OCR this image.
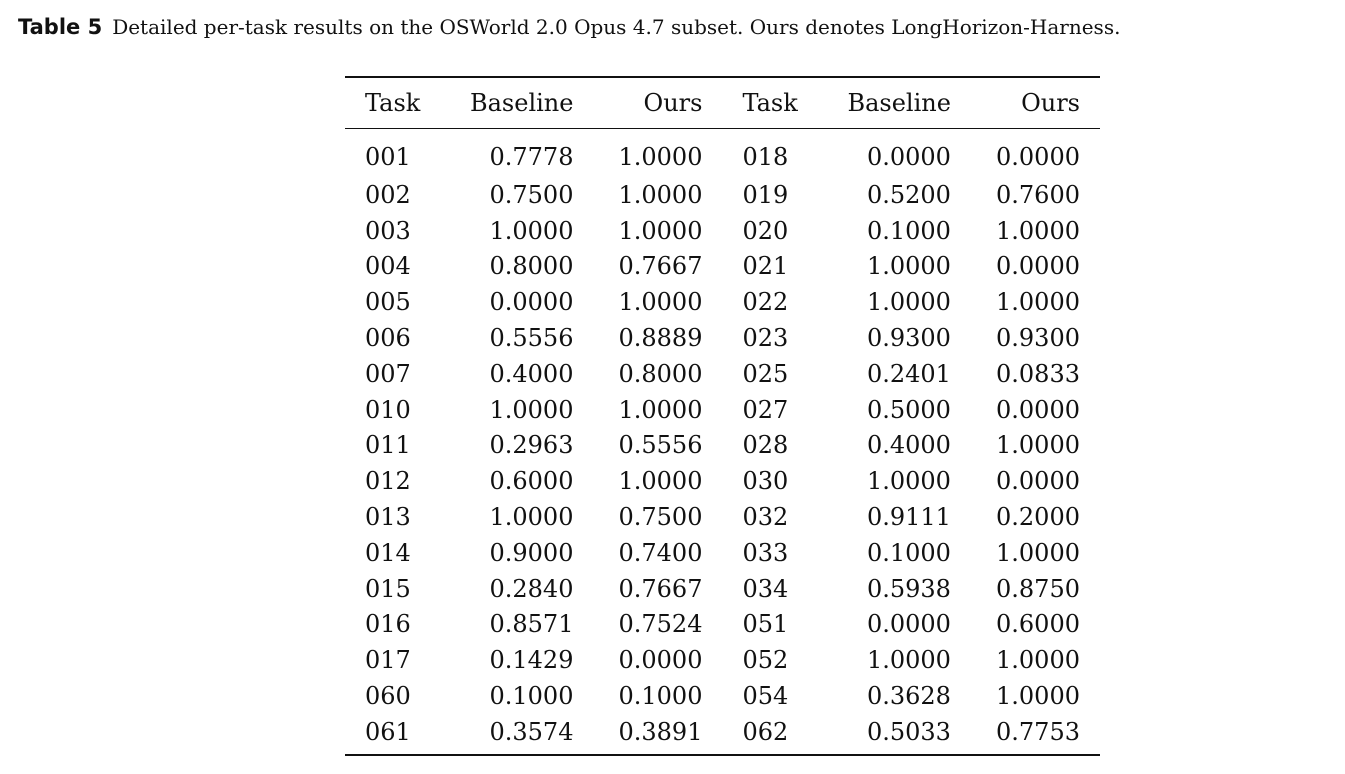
Table 5 Detailed per-task results on the OSWorld 2.0 Opus 4.7 subset. Ours denotes LongHorizon-Harness.
Task	Baseline	Ours	Task	Baseline	Ours
001	0.7778	1.0000	018	0.0000	0.0000
002	0.7500	1.0000	019	0.5200	0.7600
003	1.0000	1.0000	020	0.1000	1.0000
004	0.8000	0.7667	021	1.0000	0.0000
005	0.0000	1.0000	022	1.0000	1.0000
006	0.5556	0.8889	023	0.9300	0.9300
007	0.4000	0.8000	025	0.2401	0.0833
010	1.0000	1.0000	027	0.5000	0.0000
011	0.2963	0.5556	028	0.4000	1.0000
012	0.6000	1.0000	030	1.0000	0.0000
013	1.0000	0.7500	032	0.9111	0.2000
014	0.9000	0.7400	033	0.1000	1.0000
015	0.2840	0.7667	034	0.5938	0.8750
016	0.8571	0.7524	051	0.0000	0.6000
017	0.1429	0.0000	052	1.0000	1.0000
060	0.1000	0.1000	054	0.3628	1.0000
061	0.3574	0.3891	062	0.5033	0.7753
